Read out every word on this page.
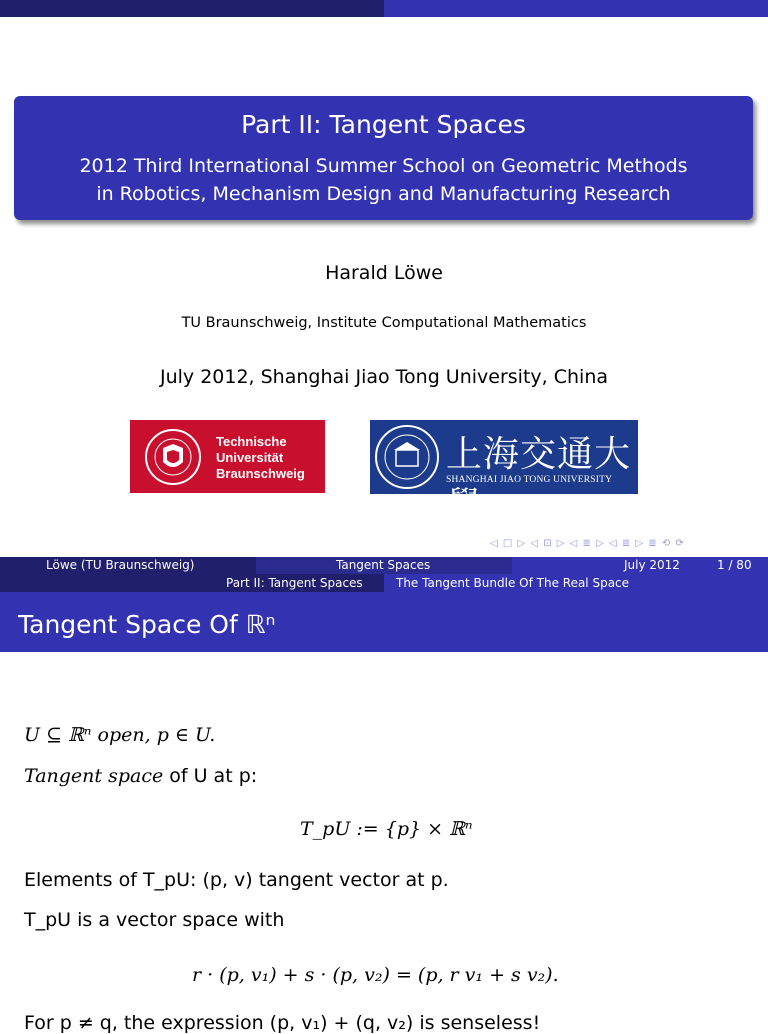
Part II: Tangent Spaces
2012 Third International Summer School on Geometric Methods
in Robotics, Mechanism Design and Manufacturing Research
Harald Löwe
TU Braunschweig, Institute Computational Mathematics
July 2012, Shanghai Jiao Tong University, China
Technische
Universität
Braunschweig	上海交通大學
SHANGHAI JIAO TONG UNIVERSITY
◁ □ ▷ ◁ ⊡ ▷ ◁ ≣ ▷ ◁ ≣ ▷ ≣ ⟲ ⟳
Löwe (TU Braunschweig)	Tangent Spaces	July 2012	1 / 80
Part II: Tangent Spaces	The Tangent Bundle Of The Real Space
Tangent Space Of ℝⁿ
U ⊆ ℝⁿ open, p ∈ U.
Tangent space of U at p:
T_pU := {p} × ℝⁿ
Elements of T_pU: (p, v) tangent vector at p.
T_pU is a vector space with
r · (p, v₁) + s · (p, v₂) = (p, r v₁ + s v₂).
For p ≠ q, the expression (p, v₁) + (q, v₂) is senseless!
